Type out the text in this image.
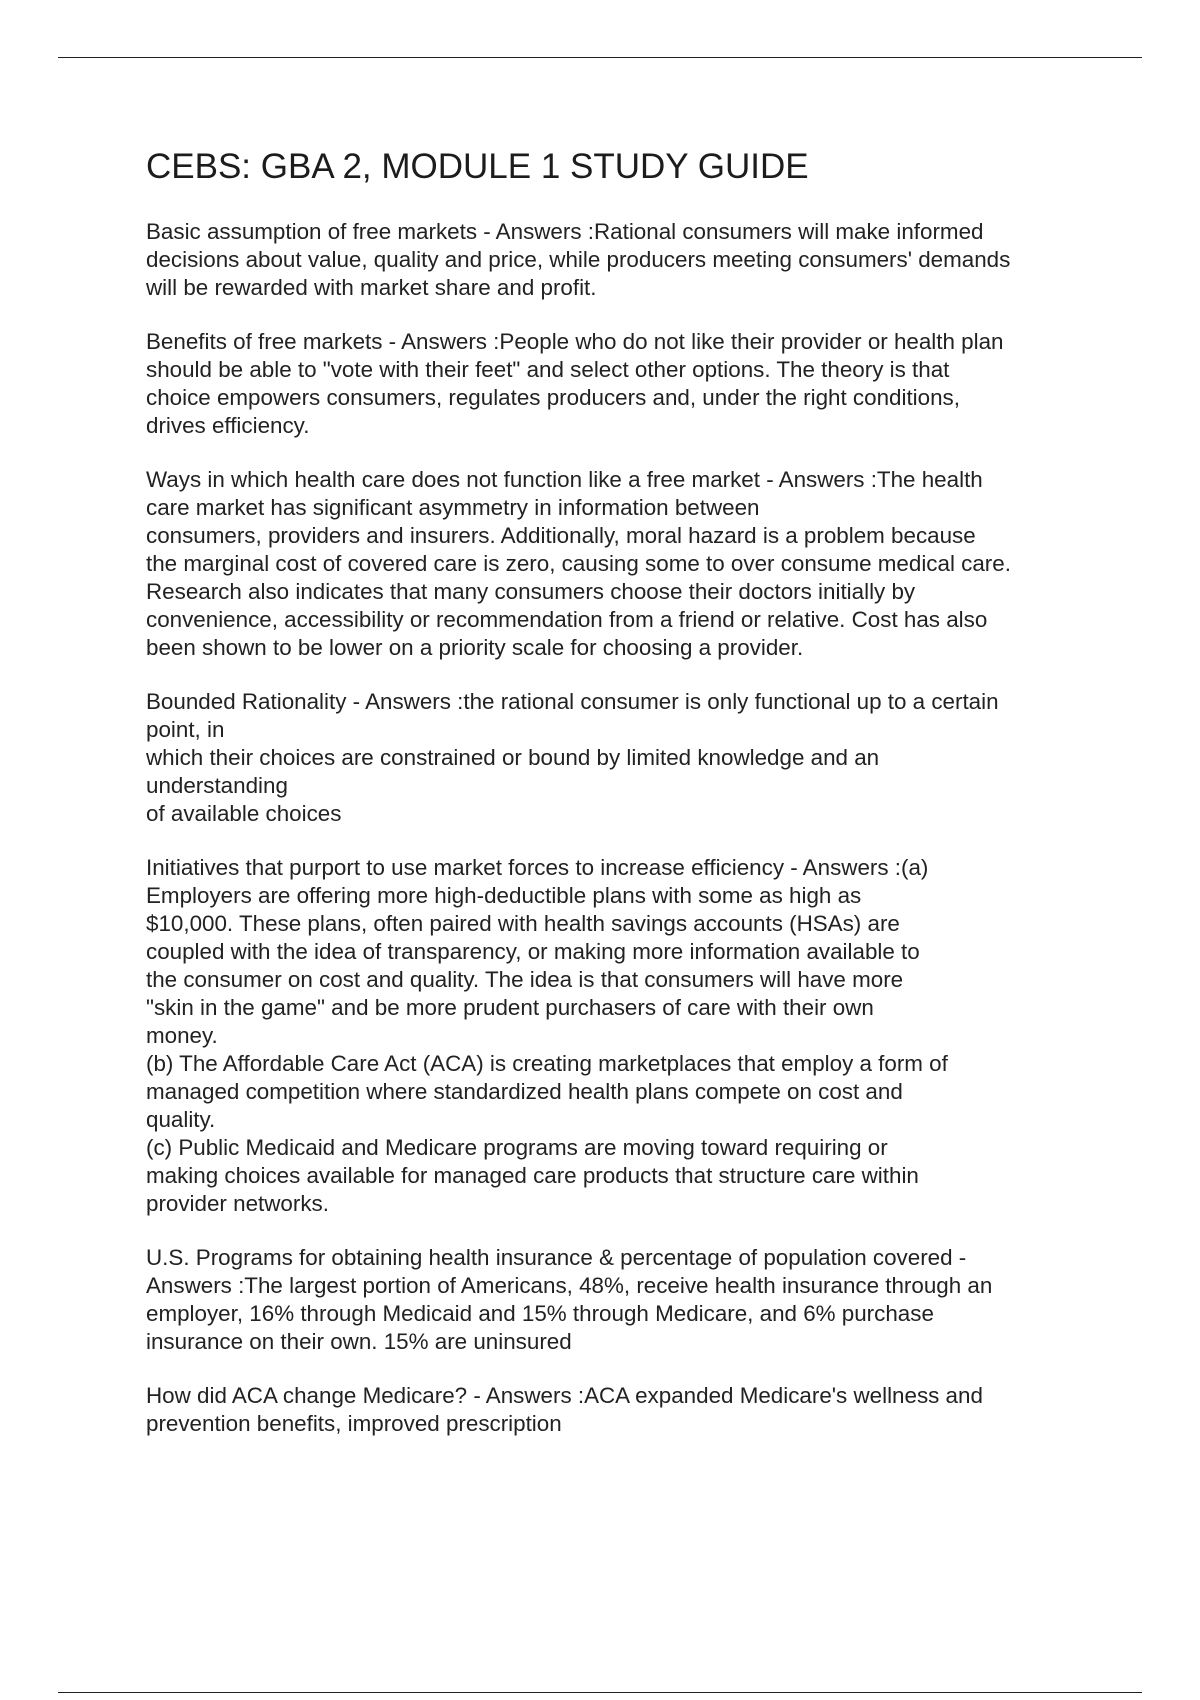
CEBS: GBA 2, MODULE 1 STUDY GUIDE
Basic assumption of free markets - Answers :Rational consumers will make informed
decisions about value, quality and price, while producers meeting consumers' demands
will be rewarded with market share and profit.
Benefits of free markets - Answers :People who do not like their provider or health plan
should be able to "vote with their feet" and select other options. The theory is that
choice empowers consumers, regulates producers and, under the right conditions,
drives efficiency.
Ways in which health care does not function like a free market - Answers :The health
care market has significant asymmetry in information between
consumers, providers and insurers. Additionally, moral hazard is a problem because
the marginal cost of covered care is zero, causing some to over consume medical care.
Research also indicates that many consumers choose their doctors initially by
convenience, accessibility or recommendation from a friend or relative. Cost has also
been shown to be lower on a priority scale for choosing a provider.
Bounded Rationality - Answers :the rational consumer is only functional up to a certain
point, in
which their choices are constrained or bound by limited knowledge and an
understanding
of available choices
Initiatives that purport to use market forces to increase efficiency - Answers :(a)
Employers are offering more high-deductible plans with some as high as
$10,000. These plans, often paired with health savings accounts (HSAs) are
coupled with the idea of transparency, or making more information available to
the consumer on cost and quality. The idea is that consumers will have more
"skin in the game" and be more prudent purchasers of care with their own
money.
(b) The Affordable Care Act (ACA) is creating marketplaces that employ a form of
managed competition where standardized health plans compete on cost and
quality.
(c) Public Medicaid and Medicare programs are moving toward requiring or
making choices available for managed care products that structure care within
provider networks.
U.S. Programs for obtaining health insurance & percentage of population covered -
Answers :The largest portion of Americans, 48%, receive health insurance through an
employer, 16% through Medicaid and 15% through Medicare, and 6% purchase
insurance on their own. 15% are uninsured
How did ACA change Medicare? - Answers :ACA expanded Medicare's wellness and
prevention benefits, improved prescription
